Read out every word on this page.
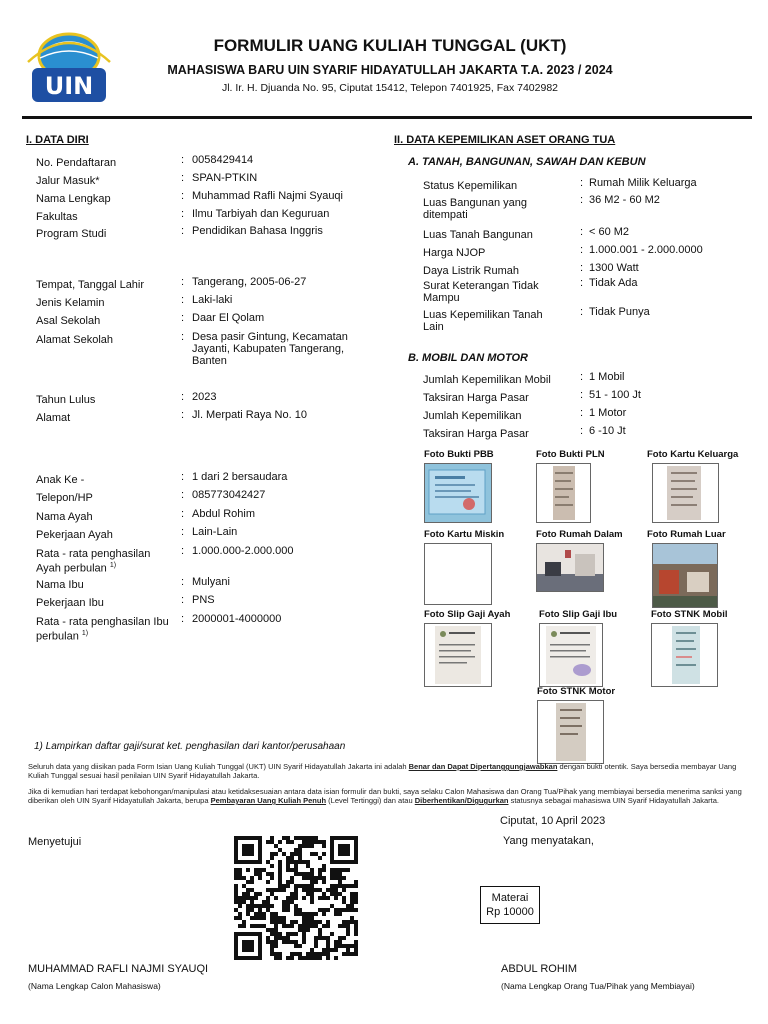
UIN
FORMULIR UANG KULIAH TUNGGAL (UKT)
MAHASISWA BARU UIN SYARIF HIDAYATULLAH JAKARTA T.A. 2023 / 2024
Jl. Ir. H. Djuanda No. 95, Ciputat 15412, Telepon 7401925, Fax 7402982
I. DATA DIRI
No. Pendaftaran	: 0058429414
Jalur Masuk*	: SPAN-PTKIN
Nama Lengkap	: Muhammad Rafli Najmi Syauqi
Fakultas	: Ilmu Tarbiyah dan Keguruan
Program Studi	: Pendidikan Bahasa Inggris
Tempat, Tanggal Lahir	: Tangerang, 2005-06-27
Jenis Kelamin	: Laki-laki
Asal Sekolah	: Daar El Qolam
Alamat Sekolah	: Desa pasir Gintung, Kecamatan Jayanti, Kabupaten Tangerang, Banten
Tahun Lulus	: 2023
Alamat	: Jl. Merpati Raya No. 10
Anak Ke -	: 1 dari 2 bersaudara
Telepon/HP	: 085773042427
Nama Ayah	: Abdul Rohim
Pekerjaan Ayah	: Lain-Lain
Rata - rata penghasilan Ayah perbulan $^{1)}$
: 1.000.000-2.000.000
Nama Ibu	: Mulyani
Pekerjaan Ibu	: PNS
Rata - rata penghasilan Ibu perbulan $^{1)}$
: 2000001-4000000
1) Lampirkan daftar gaji/surat ket. penghasilan dari kantor/perusahaan
II. DATA KEPEMILIKAN ASET ORANG TUA
A. TANAH, BANGUNAN, SAWAH DAN KEBUN
Status Kepemilikan	: Rumah Milik Keluarga
Luas Bangunan yang ditempati
: 36 M2 - 60 M2
Luas Tanah Bangunan	: < 60 M2
Harga NJOP	: 1.000.001 - 2.000.0000
Daya Listrik Rumah	: 1300 Watt
Surat Keterangan Tidak Mampu
: Tidak Ada
Luas Kepemilikan Tanah Lain
: Tidak Punya
B. MOBIL DAN MOTOR
Jumlah Kepemilikan Mobil	: 1 Mobil
Taksiran Harga Pasar	: 51 - 100 Jt
Jumlah Kepemilikan	: 1 Motor
Taksiran Harga Pasar	: 6 -10 Jt
Foto Bukti PBB	Foto Bukti PLN	Foto Kartu Keluarga
Foto Kartu Miskin	Foto Rumah Dalam	Foto Rumah Luar
Foto Slip Gaji Ayah	Foto Slip Gaji Ibu	Foto STNK Mobil
Foto STNK Motor
Seluruh data yang diisikan pada Form Isian Uang Kuliah Tunggal (UKT) UIN Syarif Hidayatullah Jakarta ini adalah Benar dan Dapat Dipertanggungjawabkan dengan bukti otentik. Saya bersedia membayar Uang Kuliah Tunggal sesuai hasil penilaian UIN Syarif Hidayatullah Jakarta.
Jika di kemudian hari terdapat kebohongan/manipulasi atau ketidaksesuaian antara data isian formulir dan bukti, saya selaku Calon Mahasiswa dan Orang Tua/Pihak yang membiayai bersedia menerima sanksi yang diberikan oleh UIN Syarif Hidayatullah Jakarta, berupa Pembayaran Uang Kuliah Penuh (Level Tertinggi) dan atau Diberhentikan/Digugurkan statusnya sebagai mahasiswa UIN Syarif Hidayatullah Jakarta.
Ciputat, 10 April 2023
Menyetujui	Yang menyatakan,
Materai
Rp 10000
MUHAMMAD RAFLI NAJMI SYAUQI
(Nama Lengkap Calon Mahasiswa)
ABDUL ROHIM
(Nama Lengkap Orang Tua/Pihak yang Membiayai)
